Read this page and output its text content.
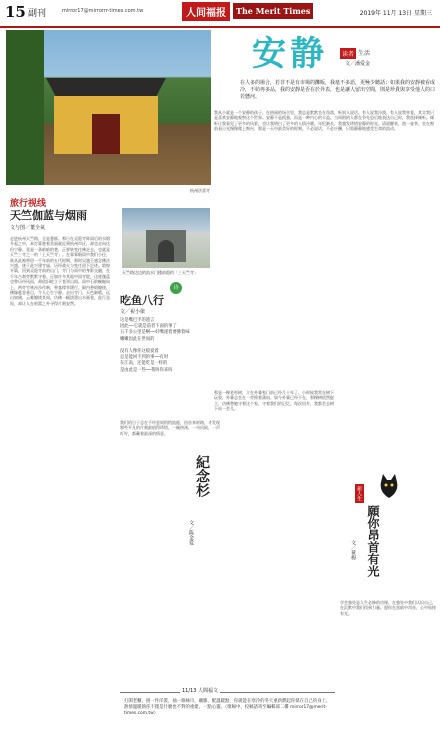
15 副刊	mirror17@mirrorrr-times.com.tw	人间福报	The Merit Times	2019年 11月 13日 星期三
杭州法喜寺
旅行视线
天竺伽蓝与烟雨
文与图／董全氣
走进杭州天竺路，全是葱郁。那日在灵隐寺阵雨后的水烟升起之中，本打算趁着美丽就近到杭州市区，却也走向这份宁静。竟是一条暗暗的巷，正要转变往佛走去，也就是天竺三寺之一的「上天竺寺」。在霏霏细雨中我们小径，欲从此被带回一千年前的五代时期，那时吴越王感念佛法兴盛，遂于此兴建寺庙，历经战火与变迁留下足迹。敦煌开篇，回到灵隐寺前的山门，寺门与雨中的身影交融，在千年古刹旁默默守着。正如许多其他中国寺院，这座伽蓝也曾历经风雨，却依旧屹立于苍翠山间。雨中石阶蜿蜒向上，两旁竹林沙沙作响，香客撑伞缓行。殿内香烟缭绕，佛像慈悲垂目，令人心生宁静。走出寺门，天色渐晴，远山如黛，云雾缭绕其间，仿佛一幅淡墨山水画卷。此行虽短，却让人在喧嚣之外寻得片刻安然。
天竺路边边的流水门楼前隐约「三天竺寺」
诗
吃鱼八行
文／祝小俵
这是嘴巴手的遗言
因此──它就是前者下面的事了
五千多公里是啊──好嘴递着要佛着味
嫩嫩因此在世间的

没有人像你这般爱着
总是能回不到的事──有时
在江南，还能吃是一样的
是由此是一些──我叫你来吗
我们的日子总在不经意间悄悄流逝，回首来时路，才发现那些平凡的片刻最值得珍惜。一碗热汤，一句问候，一声叮咛，都藏着最深的情意。
安静	读者 生活
文／潘爱金
在人多的場合，若非不是有市場的攤販，我毫不多語，更極少聽話；如果我的安靜被看成冷，不妨再多品，我的安靜是否在於外表，也是讓人留出空間，則是珍貴與享受他人的口若懸河。
我从小就是一个安静的孩子。在热闹的场合里，我总是默默坐在角落，听别人说话。有人说我冷漠，有人说我害羞，其实我只是喜欢安静地观察这个世界。安静不是孤独，而是一种内心的丰盈。当周围的人都在争先恐后地表达自己时，我选择倾听。倾听让我看见了更多的风景，也让我明白了更多的人情冷暖。年纪渐长，我越发珍惜安静的时光。清晨醒来，泡一壶茶，坐在窗前看日光慢慢爬上窗台，那是一天中最美好的时刻。不必说话，不必应酬，只需静静地感受生命的流动。
紀念杉
文／陈金爱
那是一棵老杉树，立在外婆家门前已经几十年了。小时候我常在树下玩耍，外婆总坐在一旁摇着蒲扇。如今外婆已经不在，那棵树依然挺立，仿佛替她守着这个家，守着我们的记忆。每次回乡，我都会去树下站一会儿。
新人生
願你昂首有光
文／黄梅
学会独处是人生必修的功课，在独处中我们认识自己，在沉默中我们找到力量。愿你在黑暗中昂首，心中始终有光。
11/13 人間福文
打開老櫃，挑一件洋裝，抽一條絲巾，襯膝，配溫暖點，你就能在寒冷的冬天重新燃起你鼎在自己的身上，熱情溫暖熱你不僅是什麼也不對的重建，一點心靈。（徵稿中，投稿請寄至編輯部二樓 mirror17@merit-times.com.tw）
